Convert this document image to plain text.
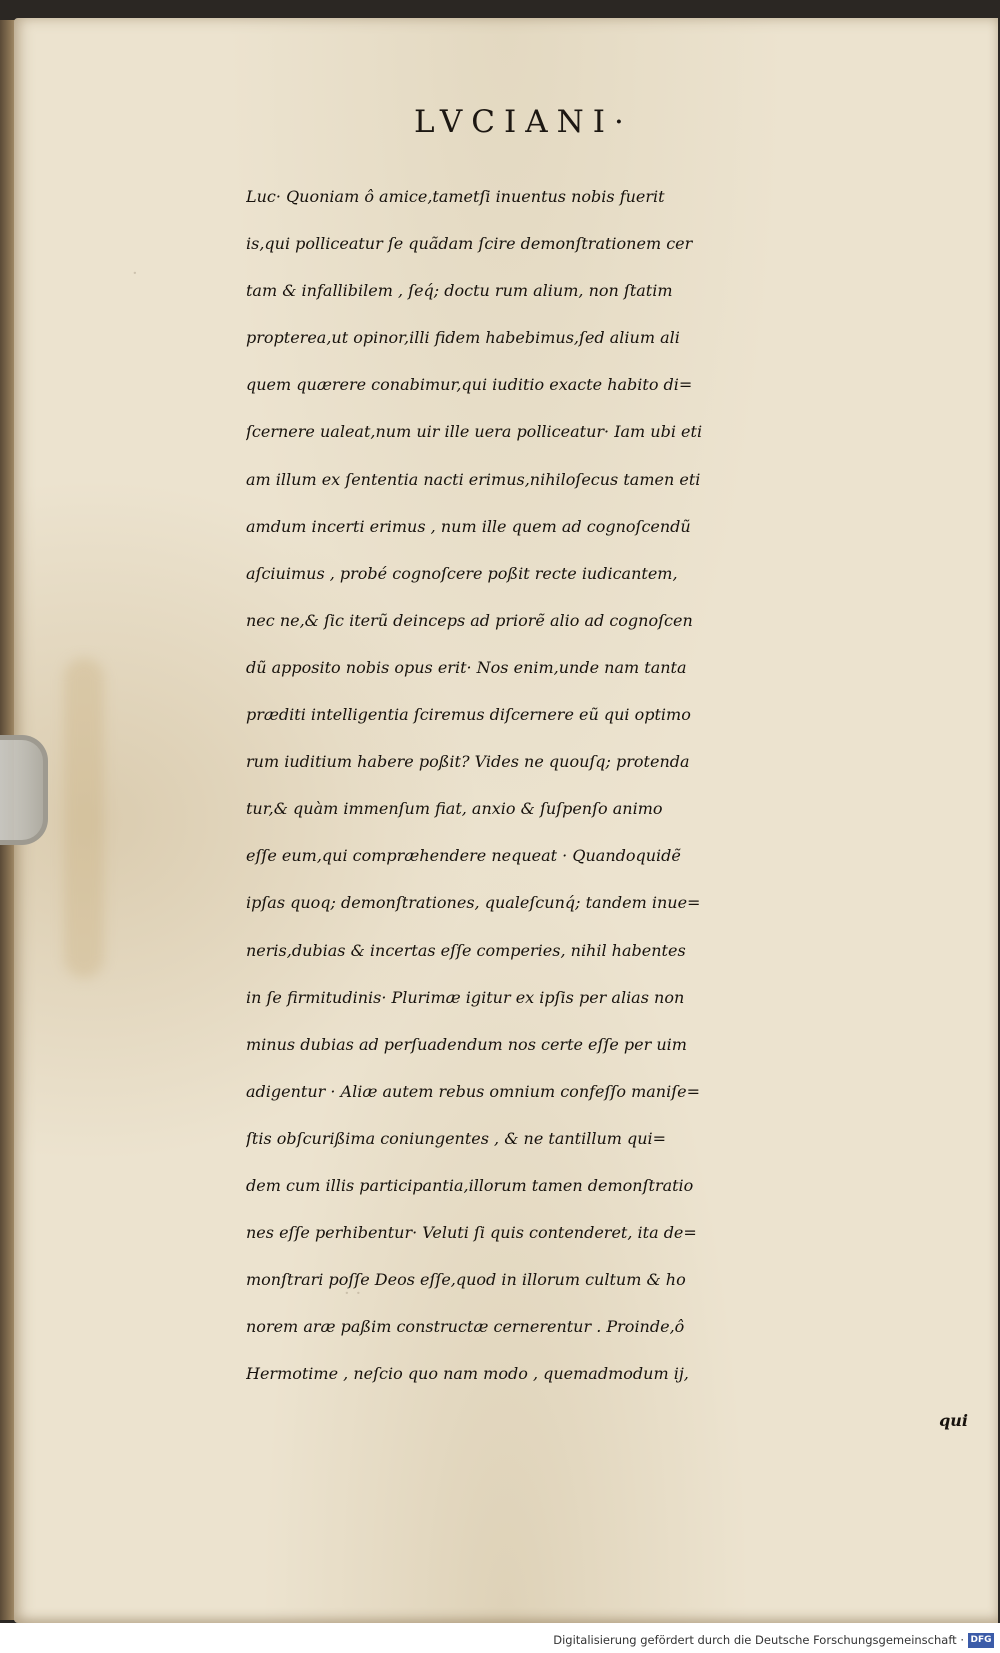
LVCIANI·
·
· ·
Luc· Quoniam ô amice,tametſi inuentus nobis fuerit
is,qui polliceatur ſe quãdam ſcire demonſtrationem cer
tam & infallibilem , ſeq́; doctu rum alium, non ſtatim
propterea,ut opinor,illi fidem habebimus,ſed alium ali
quem quærere conabimur,qui iuditio exacte habito di=
ſcernere ualeat,num uir ille uera polliceatur· Iam ubi eti
am illum ex ſententia nacti erimus,nihiloſecus tamen eti
amdum incerti erimus , num ille quem ad cognoſcendũ
aſciuimus , probé cognoſcere poßit recte iudicantem,
nec ne,& ſic iterũ deinceps ad priorẽ alio ad cognoſcen
dũ apposito nobis opus erit· Nos enim,unde nam tanta
præditi intelligentia ſciremus diſcernere eũ qui optimo
rum iuditium habere poßit? Vides ne quouſq; protenda
tur,& quàm immenſum fiat, anxio & ſuſpenſo animo
eſſe eum,qui compræhendere nequeat · Quandoquidẽ
ipſas quoq; demonſtrationes, qualeſcunq́; tandem inue=
neris,dubias & incertas eſſe comperies, nihil habentes
in ſe firmitudinis· Plurimæ igitur ex ipſis per alias non
minus dubias ad perſuadendum nos certe eſſe per uim
adigentur · Aliæ autem rebus omnium confeſſo maniſe=
ſtis obſcurißima coniungentes , & ne tantillum qui=
dem cum illis participantia,illorum tamen demonſtratio
nes eſſe perhibentur· Veluti ſi quis contenderet, ita de=
monſtrari poſſe Deos eſſe,quod in illorum cultum & ho
norem aræ paßim constructæ cernerentur . Proinde,ô
Hermotime , neſcio quo nam modo , quemadmodum ij,
qui
Digitalisierung gefördert durch die Deutsche Forschungsgemeinschaft · DFG
